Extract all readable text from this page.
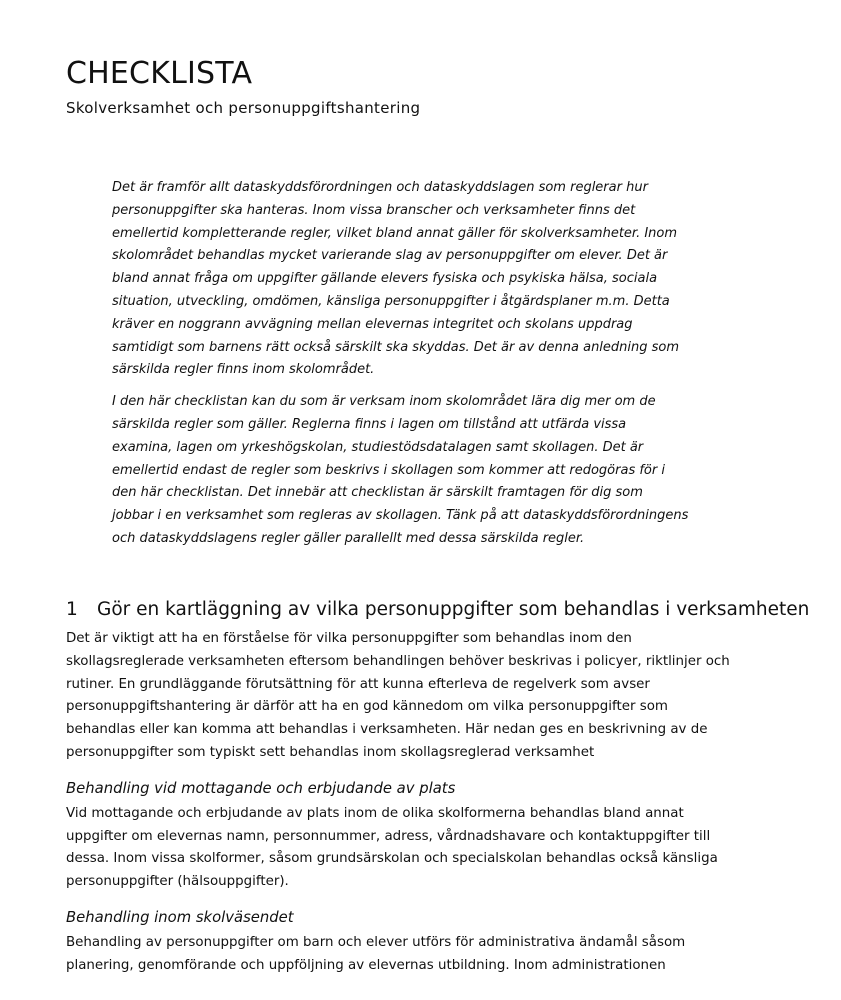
CHECKLISTA
Skolverksamhet och personuppgiftshantering

Det är framför allt dataskyddsförordningen och dataskyddslagen som reglerar hur
personuppgifter ska hanteras. Inom vissa branscher och verksamheter finns det
emellertid kompletterande regler, vilket bland annat gäller för skolverksamheter. Inom
skolområdet behandlas mycket varierande slag av personuppgifter om elever. Det är
bland annat fråga om uppgifter gällande elevers fysiska och psykiska hälsa, sociala
situation, utveckling, omdömen, känsliga personuppgifter i åtgärdsplaner m.m. Detta
kräver en noggrann avvägning mellan elevernas integritet och skolans uppdrag
samtidigt som barnens rätt också särskilt ska skyddas. Det är av denna anledning som
särskilda regler finns inom skolområdet.

I den här checklistan kan du som är verksam inom skolområdet lära dig mer om de
särskilda regler som gäller. Reglerna finns i lagen om tillstånd att utfärda vissa
examina, lagen om yrkeshögskolan, studiestödsdatalagen samt skollagen. Det är
emellertid endast de regler som beskrivs i skollagen som kommer att redogöras för i
den här checklistan. Det innebär att checklistan är särskilt framtagen för dig som
jobbar i en verksamhet som regleras av skollagen. Tänk på att dataskyddsförordningens
och dataskyddslagens regler gäller parallellt med dessa särskilda regler.

1 Gör en kartläggning av vilka personuppgifter som behandlas i verksamheten

Det är viktigt att ha en förståelse för vilka personuppgifter som behandlas inom den
skollagsreglerade verksamheten eftersom behandlingen behöver beskrivas i policyer, riktlinjer och
rutiner. En grundläggande förutsättning för att kunna efterleva de regelverk som avser
personuppgiftshantering är därför att ha en god kännedom om vilka personuppgifter som
behandlas eller kan komma att behandlas i verksamheten. Här nedan ges en beskrivning av de
personuppgifter som typiskt sett behandlas inom skollagsreglerad verksamhet

Behandling vid mottagande och erbjudande av plats

Vid mottagande och erbjudande av plats inom de olika skolformerna behandlas bland annat
uppgifter om elevernas namn, personnummer, adress, vårdnadshavare och kontaktuppgifter till
dessa. Inom vissa skolformer, såsom grundsärskolan och specialskolan behandlas också känsliga
personuppgifter (hälsouppgifter).

Behandling inom skolväsendet

Behandling av personuppgifter om barn och elever utförs för administrativa ändamål såsom
planering, genomförande och uppföljning av elevernas utbildning. Inom administrationen
